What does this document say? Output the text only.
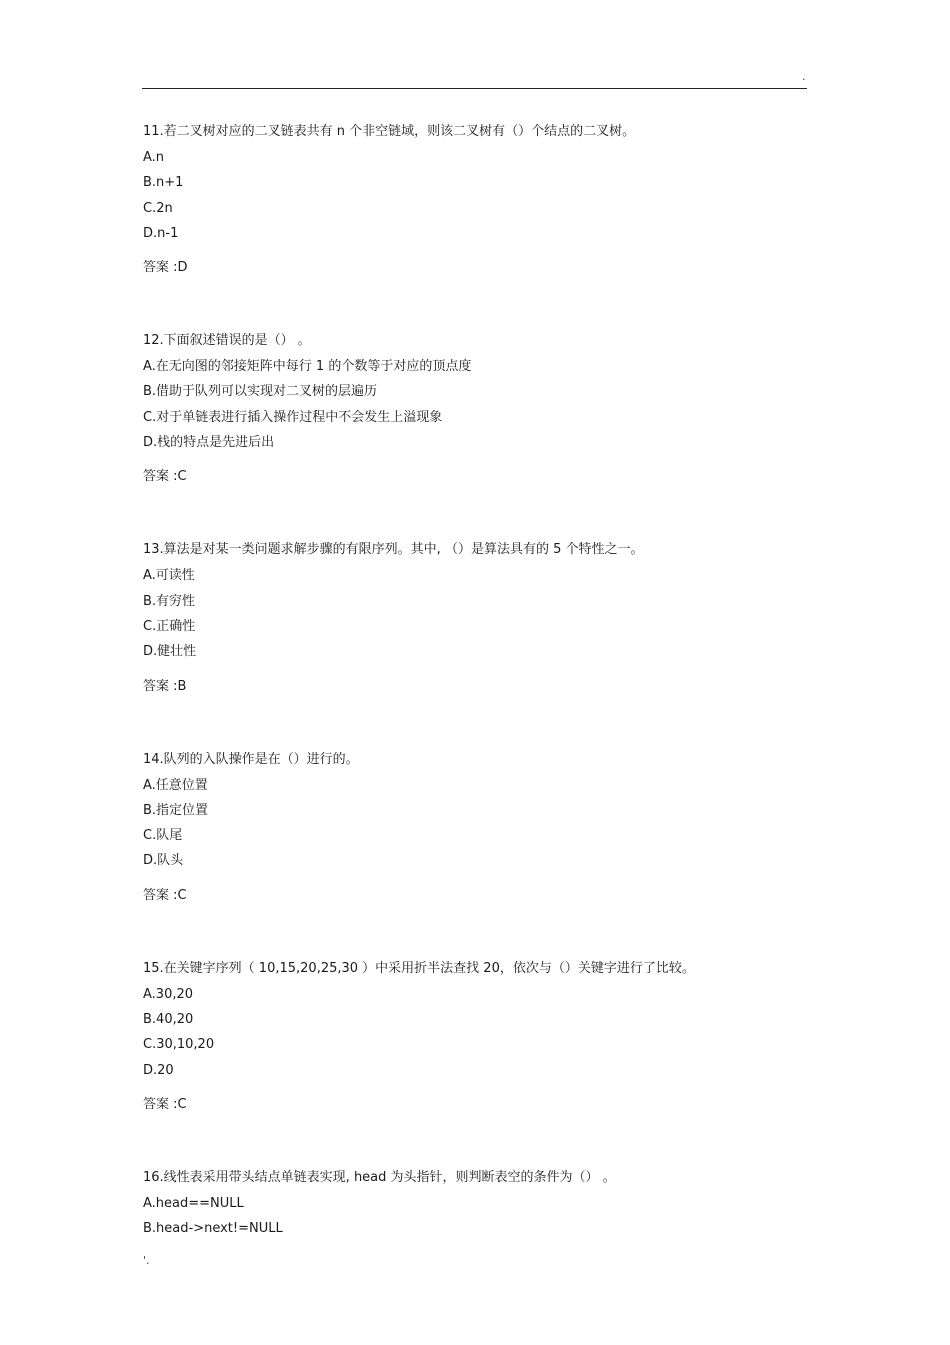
.
11.若二叉树对应的二叉链表共有 n 个非空链域，则该二叉树有（）个结点的二叉树。
A.n
B.n+1
C.2n
D.n-1
答案 :D
12.下面叙述错误的是（） 。
A.在无向图的邻接矩阵中每行 1 的个数等于对应的顶点度
B.借助于队列可以实现对二叉树的层遍历
C.对于单链表进行插入操作过程中不会发生上溢现象
D.栈的特点是先进后出
答案 :C
13.算法是对某一类问题求解步骤的有限序列。其中, （）是算法具有的 5 个特性之一。
A.可读性
B.有穷性
C.正确性
D.健壮性
答案 :B
14.队列的入队操作是在（）进行的。
A.任意位置
B.指定位置
C.队尾
D.队头
答案 :C
15.在关键字序列（ 10,15,20,25,30 ）中采用折半法查找 20，依次与（）关键字进行了比较。
A.30,20
B.40,20
C.30,10,20
D.20
答案 :C
16.线性表采用带头结点单链表实现, head 为头指针，则判断表空的条件为（） 。
A.head==NULL
B.head->next!=NULL
'.
